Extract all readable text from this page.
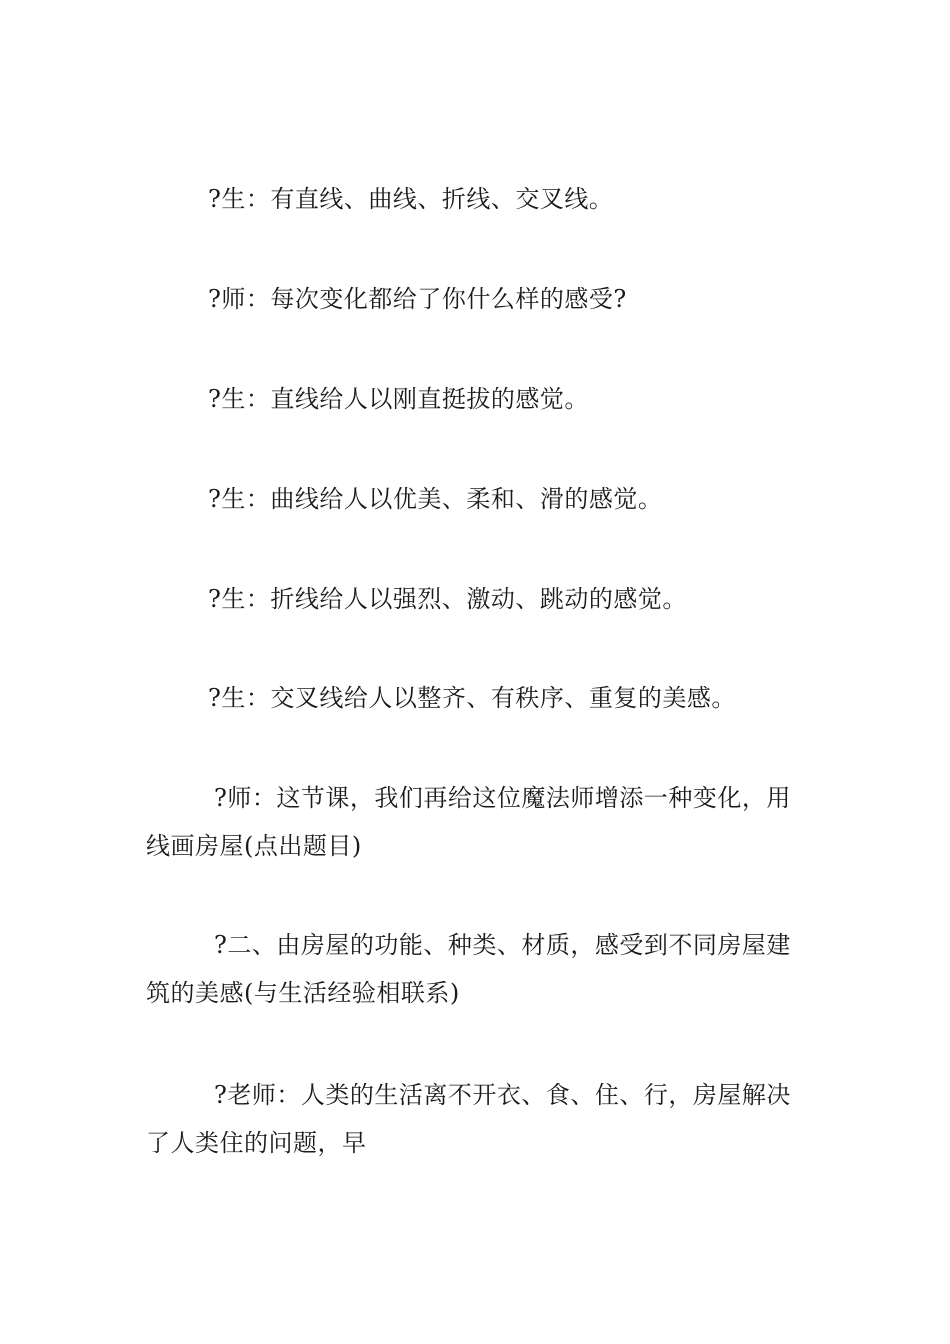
?生：有直线、曲线、折线、交叉线。

?师：每次变化都给了你什么样的感受?

?生：直线给人以刚直挺拔的感觉。

?生：曲线给人以优美、柔和、滑的感觉。

?生：折线给人以强烈、激动、跳动的感觉。

?生：交叉线给人以整齐、有秩序、重复的美感。

?师：这节课，我们再给这位魔法师增添一种变化，用线画房屋(点出题目)

?二、由房屋的功能、种类、材质，感受到不同房屋建筑的美感(与生活经验相联系)

?老师：人类的生活离不开衣、食、住、行，房屋解决了人类住的问题，早
